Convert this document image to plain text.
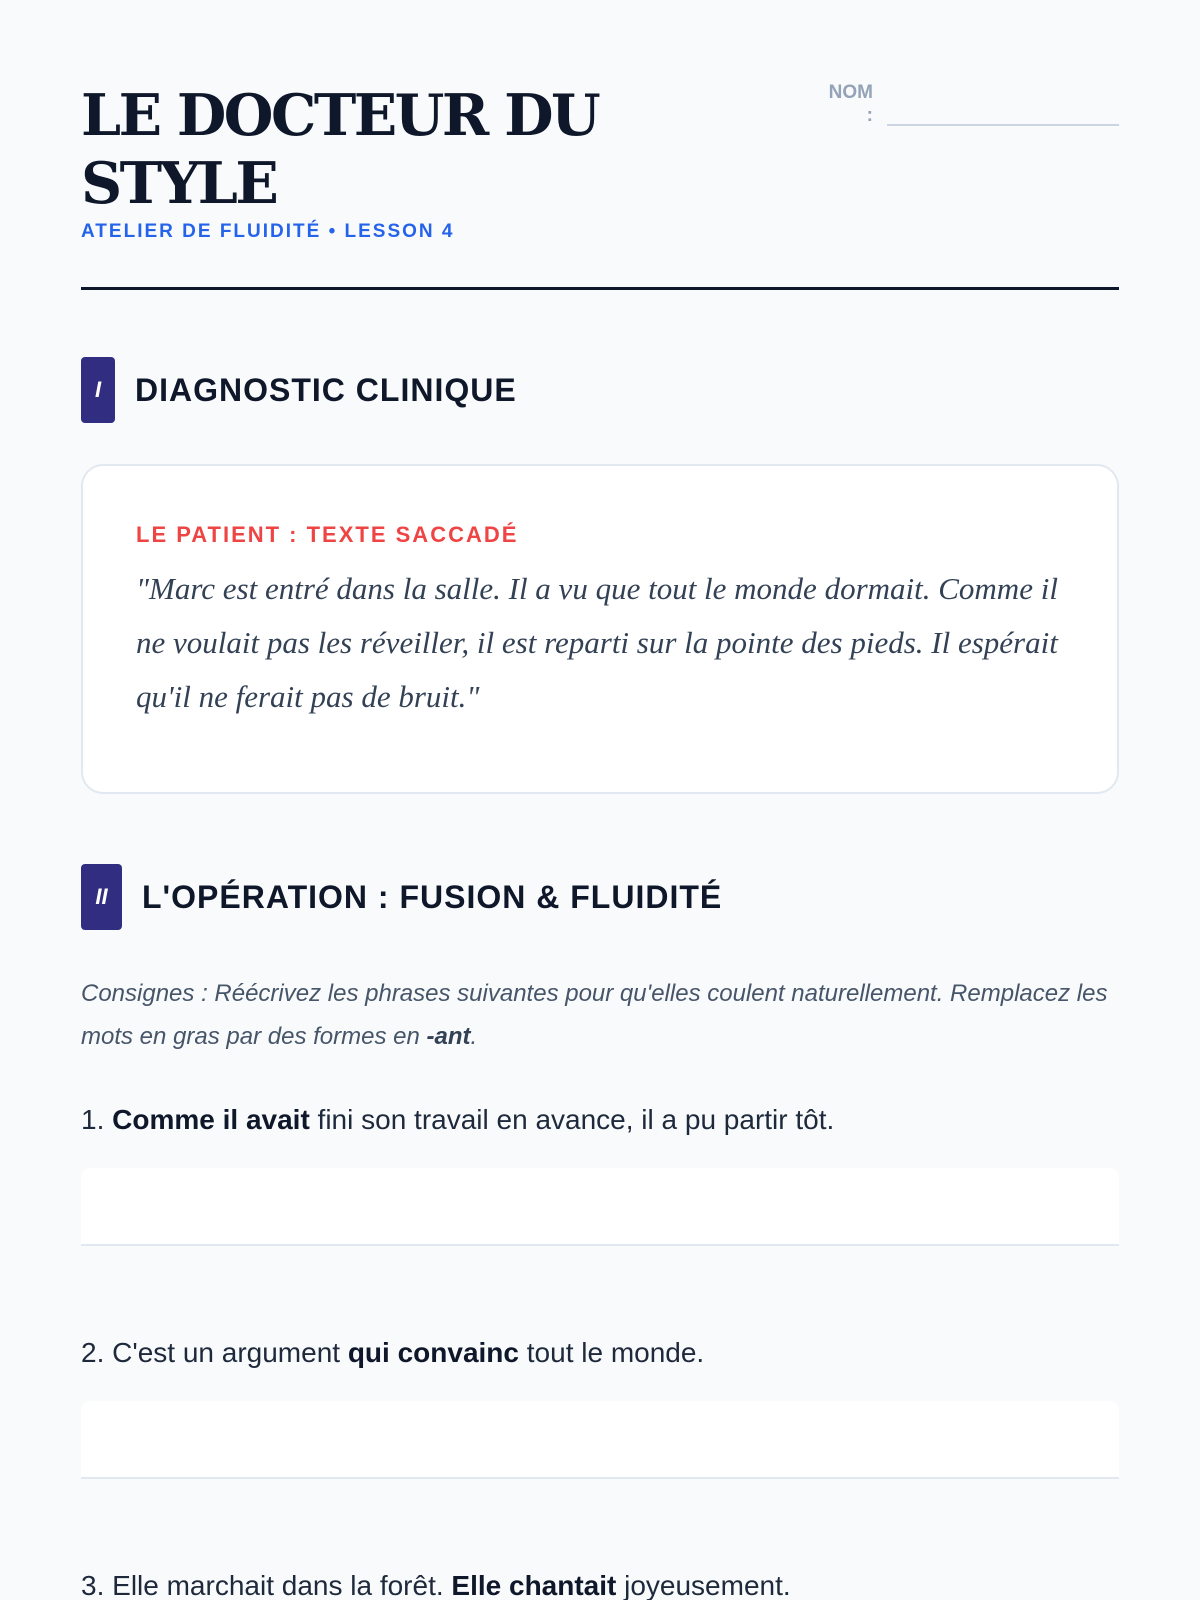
LE DOCTEUR DU STYLE
ATELIER DE FLUIDITÉ • LESSON 4
NOM
:
I	DIAGNOSTIC CLINIQUE
LE PATIENT : TEXTE SACCADÉ

"Marc est entré dans la salle. Il a vu que tout le monde dormait. Comme il ne voulait pas les réveiller, il est reparti sur la pointe des pieds. Il espérait qu'il ne ferait pas de bruit."

II	L'OPÉRATION : FUSION & FLUIDITÉ

Consignes : Réécrivez les phrases suivantes pour qu'elles coulent naturellement. Remplacez les mots en gras par des formes en -ant.

1. Comme il avait fini son travail en avance, il a pu partir tôt.

2. C'est un argument qui convainc tout le monde.

3. Elle marchait dans la forêt. Elle chantait joyeusement.
